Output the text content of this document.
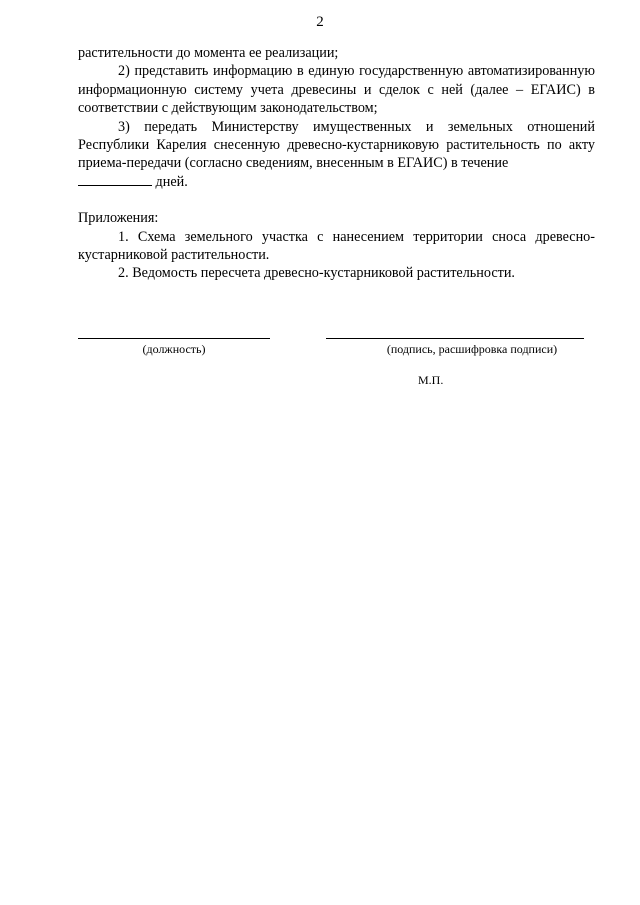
2

растительности до момента ее реализации;

2) представить информацию в единую государственную автоматизированную информационную систему учета древесины и сделок с ней (далее – ЕГАИС) в соответствии с действующим законодательством;

3) передать Министерству имущественных и земельных отношений Республики Карелия снесенную древесно-кустарниковую растительность по акту приема-передачи (согласно сведениям, внесенным в ЕГАИС) в течение
дней.

Приложения:

1. Схема земельного участка с нанесением территории сноса древесно-кустарниковой растительности.

2. Ведомость пересчета древесно-кустарниковой растительности.

(должность)	(подпись, расшифровка подписи)
М.П.
